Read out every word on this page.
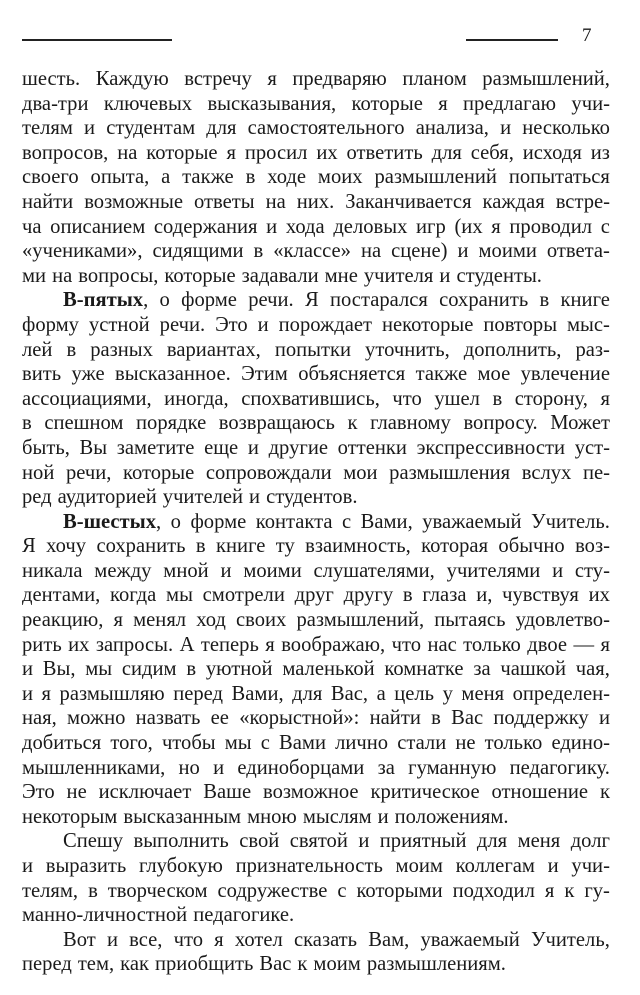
7
шесть. Каждую встречу я предваряю планом размышлений,
два-три ключевых высказывания, которые я предлагаю учи-
телям и студентам для самостоятельного анализа, и несколько
вопросов, на которые я просил их ответить для себя, исходя из
своего опыта, а также в ходе моих размышлений попытаться
найти возможные ответы на них. Заканчивается каждая встре-
ча описанием содержания и хода деловых игр (их я проводил с
«учениками», сидящими в «классе» на сцене) и моими ответа-
ми на вопросы, которые задавали мне учителя и студенты.
В-пятых, о форме речи. Я постарался сохранить в книге
форму устной речи. Это и порождает некоторые повторы мыс-
лей в разных вариантах, попытки уточнить, дополнить, раз-
вить уже высказанное. Этим объясняется также мое увлечение
ассоциациями, иногда, спохватившись, что ушел в сторону, я
в спешном порядке возвращаюсь к главному вопросу. Может
быть, Вы заметите еще и другие оттенки экспрессивности уст-
ной речи, которые сопровождали мои размышления вслух пе-
ред аудиторией учителей и студентов.
В-шестых, о форме контакта с Вами, уважаемый Учитель.
Я хочу сохранить в книге ту взаимность, которая обычно воз-
никала между мной и моими слушателями, учителями и сту-
дентами, когда мы смотрели друг другу в глаза и, чувствуя их
реакцию, я менял ход своих размышлений, пытаясь удовлетво-
рить их запросы. А теперь я воображаю, что нас только двое — я
и Вы, мы сидим в уютной маленькой комнатке за чашкой чая,
и я размышляю перед Вами, для Вас, а цель у меня определен-
ная, можно назвать ее «корыстной»: найти в Вас поддержку и
добиться того, чтобы мы с Вами лично стали не только едино-
мышленниками, но и единоборцами за гуманную педагогику.
Это не исключает Ваше возможное критическое отношение к
некоторым высказанным мною мыслям и положениям.
Спешу выполнить свой святой и приятный для меня долг
и выразить глубокую признательность моим коллегам и учи-
телям, в творческом содружестве с которыми подходил я к гу-
манно-личностной педагогике.
Вот и все, что я хотел сказать Вам, уважаемый Учитель,
перед тем, как приобщить Вас к моим размышлениям.
